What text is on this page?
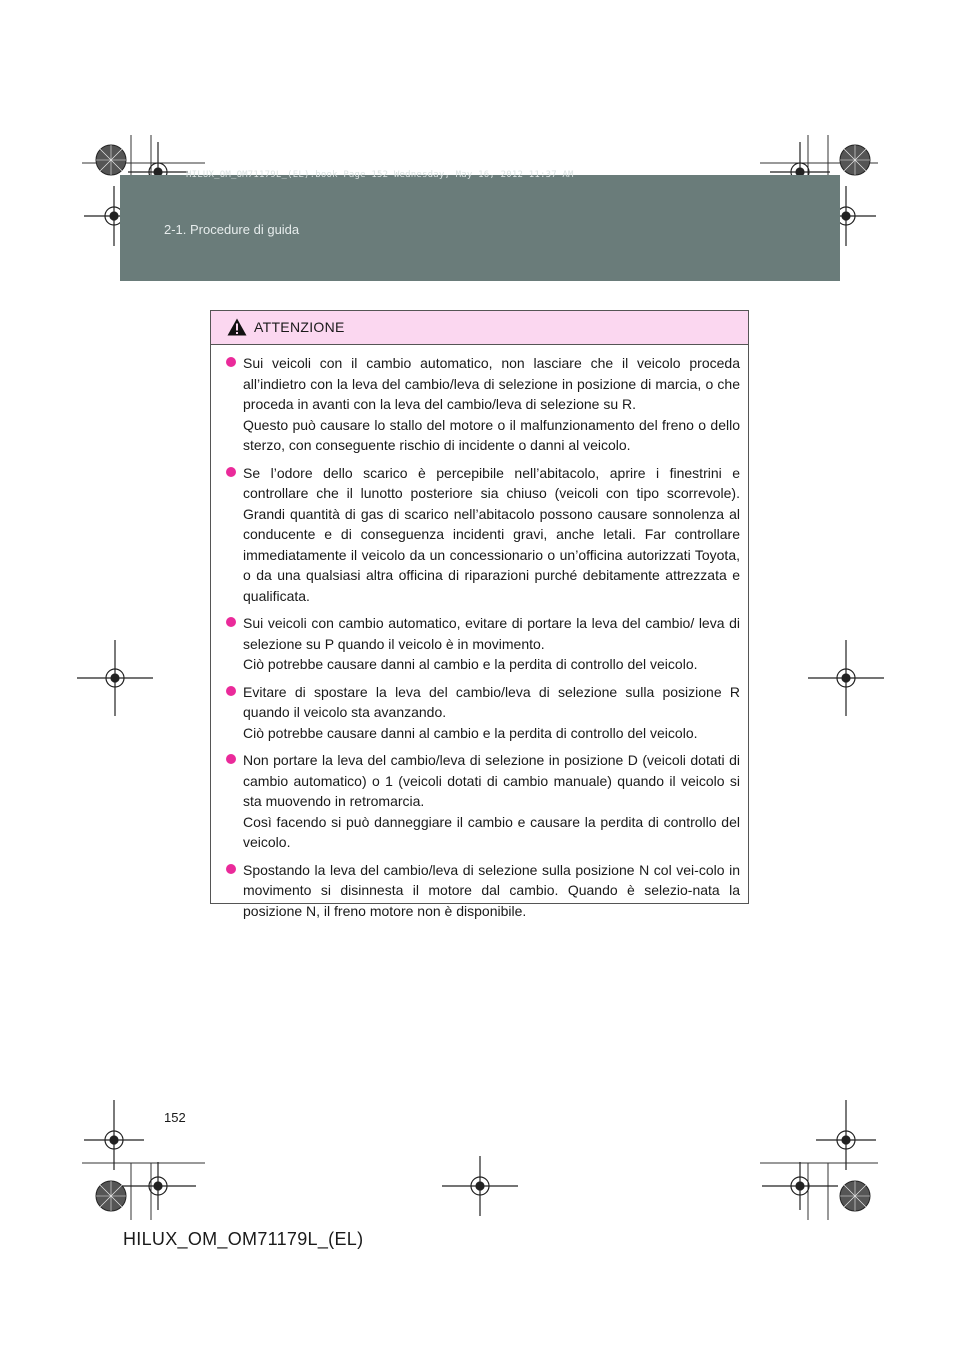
HILUX_OM_OM71179L_(EL).book Page 152 Wednesday, May 16, 2012 11:37 AM
2-1. Procedure di guida
ATTENZIONE

Sui veicoli con il cambio automatico, non lasciare che il veicolo proceda all’indietro con la leva del cambio/leva di selezione in posizione di marcia, o che proceda in avanti con la leva del cambio/leva di selezione su R.

Questo può causare lo stallo del motore o il malfunzionamento del freno o dello sterzo, con conseguente rischio di incidente o danni al veicolo.

Se l’odore dello scarico è percepibile nell’abitacolo, aprire i finestrini e controllare che il lunotto posteriore sia chiuso (veicoli con tipo scorrevole). Grandi quantità di gas di scarico nell’abitacolo possono causare sonnolenza al conducente e di conseguenza incidenti gravi, anche letali. Far controllare immediatamente il veicolo da un concessionario o un’officina autorizzati Toyota, o da una qualsiasi altra officina di riparazioni purché debitamente attrezzata e qualificata.

Sui veicoli con cambio automatico, evitare di portare la leva del cambio/ leva di selezione su P quando il veicolo è in movimento.

Ciò potrebbe causare danni al cambio e la perdita di controllo del veicolo.

Evitare di spostare la leva del cambio/leva di selezione sulla posizione R quando il veicolo sta avanzando.

Ciò potrebbe causare danni al cambio e la perdita di controllo del veicolo.

Non portare la leva del cambio/leva di selezione in posizione D (veicoli dotati di cambio automatico) o 1 (veicoli dotati di cambio manuale) quando il veicolo si sta muovendo in retromarcia.

Così facendo si può danneggiare il cambio e causare la perdita di controllo del veicolo.

Spostando la leva del cambio/leva di selezione sulla posizione N col vei-colo in movimento si disinnesta il motore dal cambio. Quando è selezio-nata la posizione N, il freno motore non è disponibile.

152
HILUX_OM_OM71179L_(EL)
